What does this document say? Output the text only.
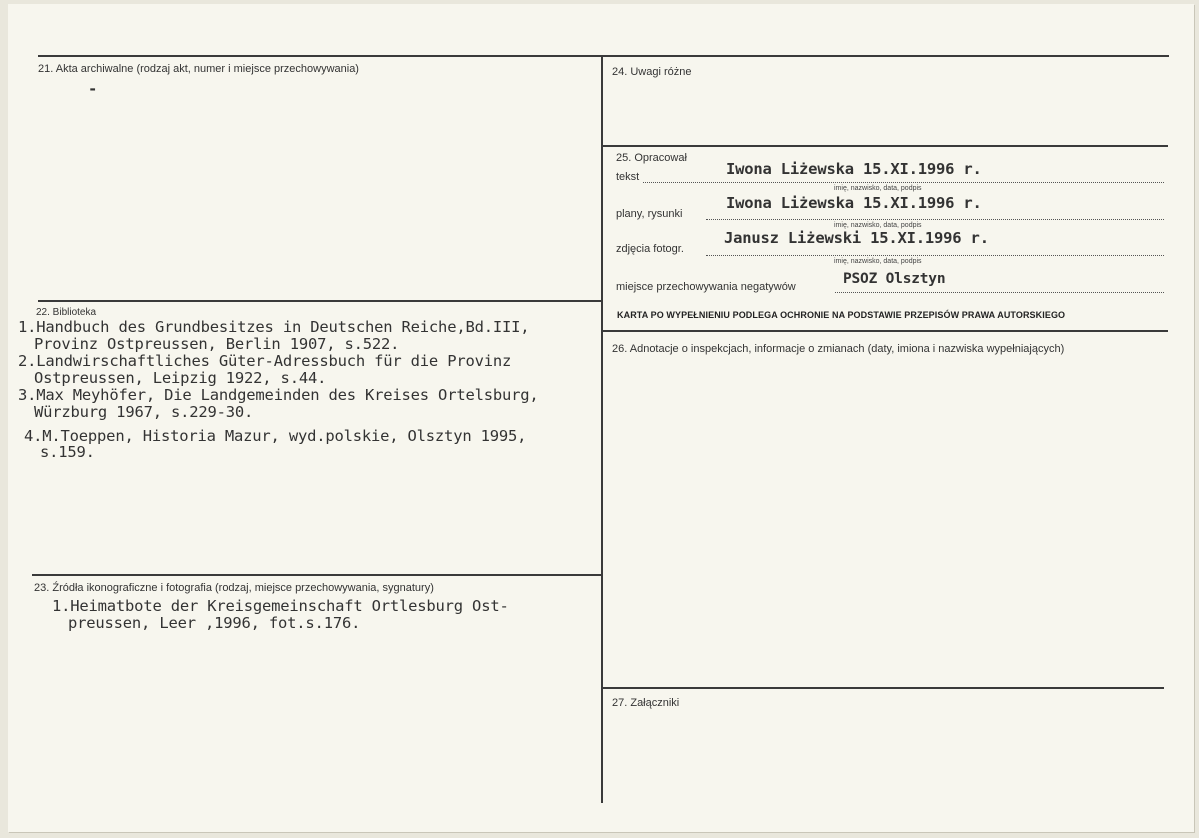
21. Akta archiwalne (rodzaj akt, numer i miejsce przechowywania)
-
22. Biblioteka
1.Handbuch des Grundbesitzes in Deutschen Reiche,Bd.III,
Provinz Ostpreussen, Berlin 1907, s.522.
2.Landwirschaftliches Güter-Adressbuch für die Provinz
Ostpreussen, Leipzig 1922, s.44.
3.Max Meyhöfer, Die Landgemeinden des Kreises Ortelsburg,
Würzburg 1967, s.229-30.
4.M.Toeppen, Historia Mazur, wyd.polskie, Olsztyn 1995,
s.159.
23. Źródła ikonograficzne i fotografia (rodzaj, miejsce przechowywania, sygnatury)
1.Heimatbote der Kreisgemeinschaft Ortlesburg Ost-
preussen, Leer ,1996, fot.s.176.
24. Uwagi różne
25. Opracował
tekst	Iwona Liżewska 15.XI.1996 r.
imię, nazwisko, data, podpis
plany, rysunki
Iwona Liżewska 15.XI.1996 r.
imię, nazwisko, data, podpis
zdjęcia fotogr.
Janusz Liżewski 15.XI.1996 r.
imię, nazwisko, data, podpis
miejsce przechowywania negatywów	PSOZ Olsztyn
KARTA PO WYPEŁNIENIU PODLEGA OCHRONIE NA PODSTAWIE PRZEPISÓW PRAWA AUTORSKIEGO
26. Adnotacje o inspekcjach, informacje o zmianach (daty, imiona i nazwiska wypełniających)
27. Załączniki
